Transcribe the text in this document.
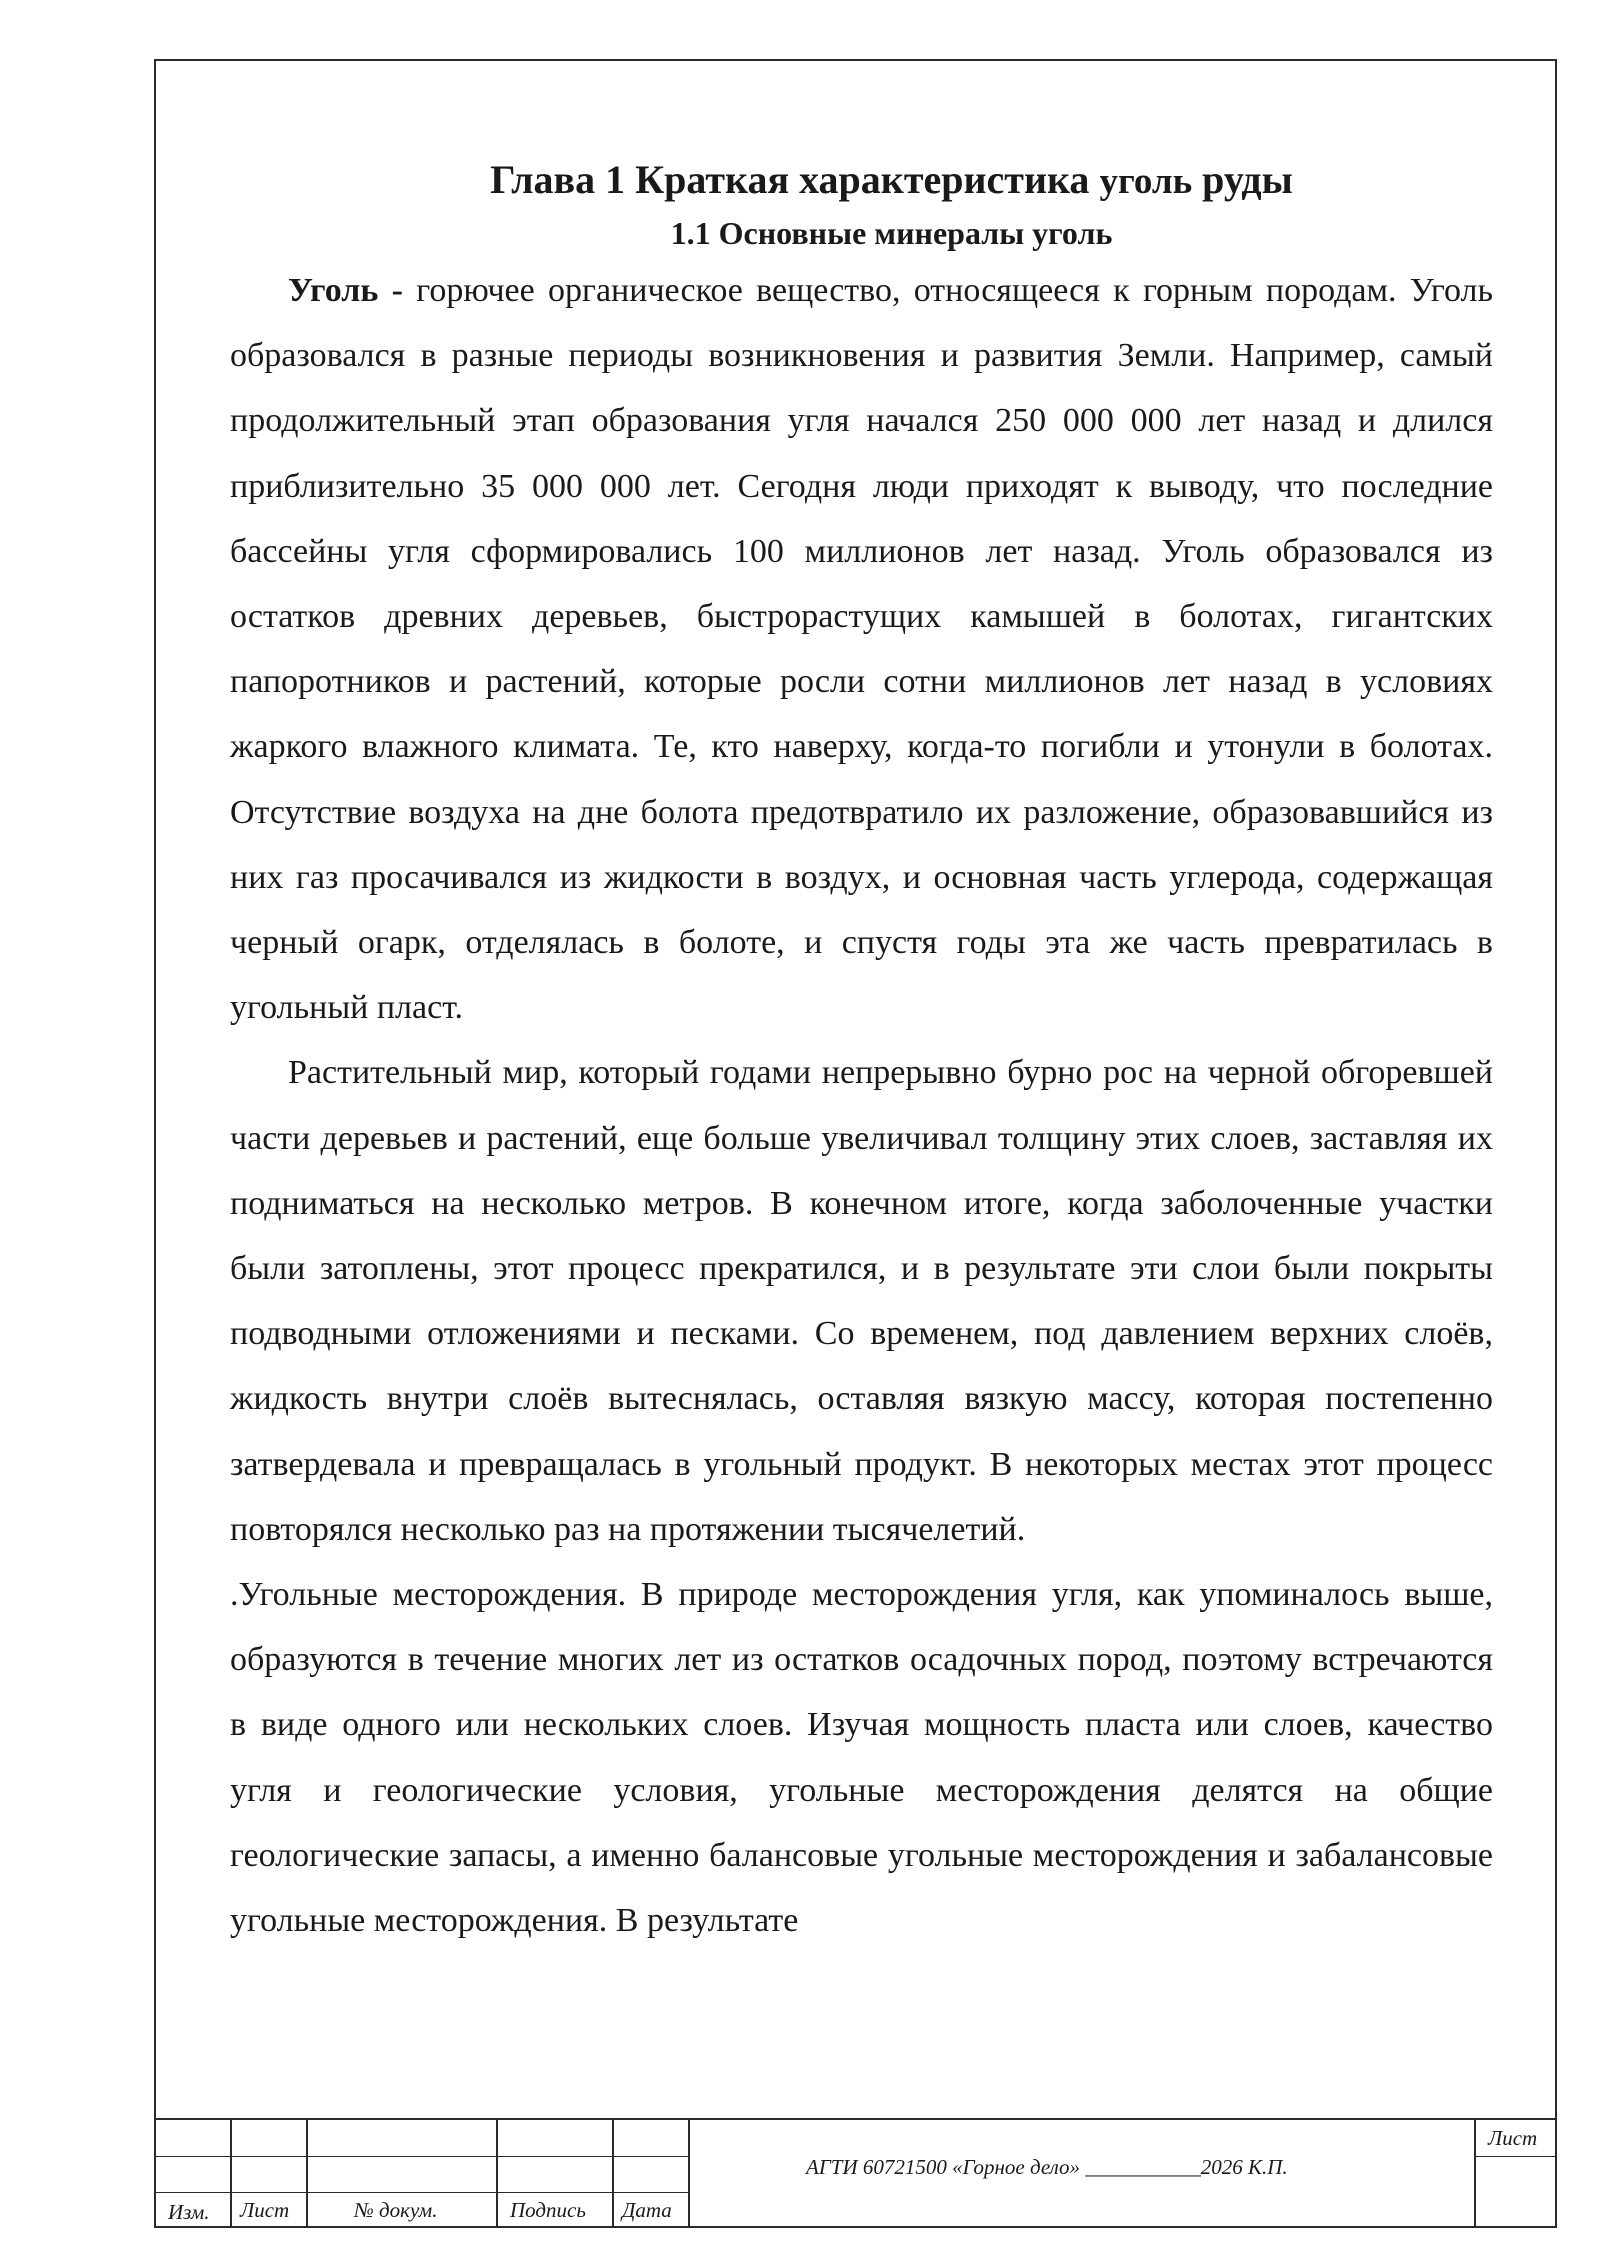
Глава 1 Краткая характеристика уголь руды
1.1 Основные минералы уголь

Уголь - горючее органическое вещество, относящееся к горным породам. Уголь образовался в разные периоды возникновения и развития Земли. Например, самый продолжительный этап образования угля начался 250 000 000 лет назад и длился приблизительно 35 000 000 лет. Сегодня люди приходят к выводу, что последние бассейны угля сформировались 100 миллионов лет назад. Уголь образовался из остатков древних деревьев, быстрорастущих камышей в болотах, гигантских папоротников и растений, которые росли сотни миллионов лет назад в условиях жаркого влажного климата. Те, кто наверху, когда-то погибли и утонули в болотах. Отсутствие воздуха на дне болота предотвратило их разложение, образовавшийся из них газ просачивался из жидкости в воздух, и основная часть углерода, содержащая черный огарк, отделялась в болоте, и спустя годы эта же часть превратилась в угольный пласт.

Растительный мир, который годами непрерывно бурно рос на черной обгоревшей части деревьев и растений, еще больше увеличивал толщину этих слоев, заставляя их подниматься на несколько метров. В конечном итоге, когда заболоченные участки были затоплены, этот процесс прекратился, и в результате эти слои были покрыты подводными отложениями и песками. Со временем, под давлением верхних слоёв, жидкость внутри слоёв вытеснялась, оставляя вязкую массу, которая постепенно затвердевала и превращалась в угольный продукт. В некоторых местах этот процесс повторялся несколько раз на протяжении тысячелетий.

.Угольные месторождения. В природе месторождения угля, как упоминалось выше, образуются в течение многих лет из остатков осадочных пород, поэтому встречаются в виде одного или нескольких слоев. Изучая мощность пласта или слоев, качество угля и геологические условия, угольные месторождения делятся на общие геологические запасы, а именно балансовые угольные месторождения и забалансовые угольные месторождения. В результате

Изм. Лист	№ докум.	Подпись Дата
АГТИ 60721500 «Горное дело» ___________2026 К.П.
Лист
